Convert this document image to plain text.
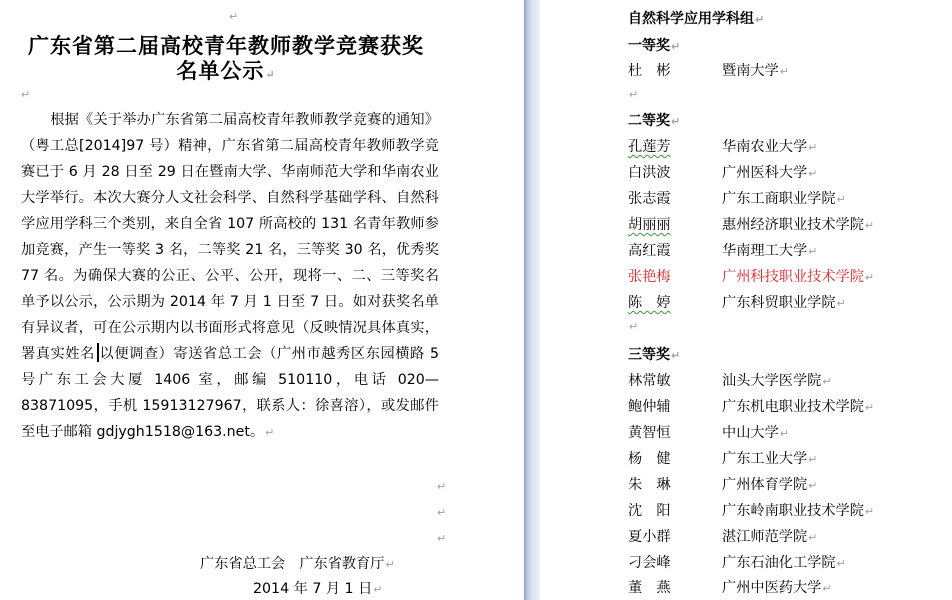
↵
广东省第二届高校青年教师教学竞赛获奖
名单公示↵
↵
根据《关于举办广东省第二届高校青年教师教学竞赛的通知》（粤工总[2014]97 号）精神，广东省第二届高校青年教师教学竞赛已于 6 月 28 日至 29 日在暨南大学、华南师范大学和华南农业大学举行。本次大赛分人文社会科学、自然科学基础学科、自然科学应用学科三个类别，来自全省 107 所高校的 131 名青年教师参加竞赛，产生一等奖 3 名，二等奖 21 名，三等奖 30 名，优秀奖 77 名。为确保大赛的公正、公平、公开，现将一、二、三等奖名单予以公示，公示期为 2014 年 7 月 1 日至 7 日。如对获奖名单有异议者，可在公示期内以书面形式将意见（反映情况具体真实，署真实姓名 以便调查）寄送省总工会（广州市越秀区东园横路 5 号广东工会大厦 1406 室，邮编 510110，电话 020—83871095，手机 15913127967，联系人：徐喜溶），或发邮件至电子邮箱 gdjygh1518@163.net。↵
↵
↵
↵
广东省总工会　广东省教育厅↵
2014 年 7 月 1 日↵
自然科学应用学科组↵
一等奖↵
杜　彬	暨南大学↵
↵
二等奖↵
孔莲芳	华南农业大学↵
白洪波	广州医科大学↵
张志霞	广东工商职业学院↵
胡丽丽	惠州经济职业技术学院↵
高红霞	华南理工大学↵
张艳梅	广州科技职业技术学院↵
陈　婷	广东科贸职业学院↵
↵
三等奖↵
林常敏	汕头大学医学院↵
鲍仲辅	广东机电职业技术学院↵
黄智恒	中山大学↵
杨　健	广东工业大学↵
朱　琳	广州体育学院↵
沈　阳	广东岭南职业技术学院↵
夏小群	湛江师范学院↵
刁会峰	广东石油化工学院↵
董　燕	广州中医药大学↵
